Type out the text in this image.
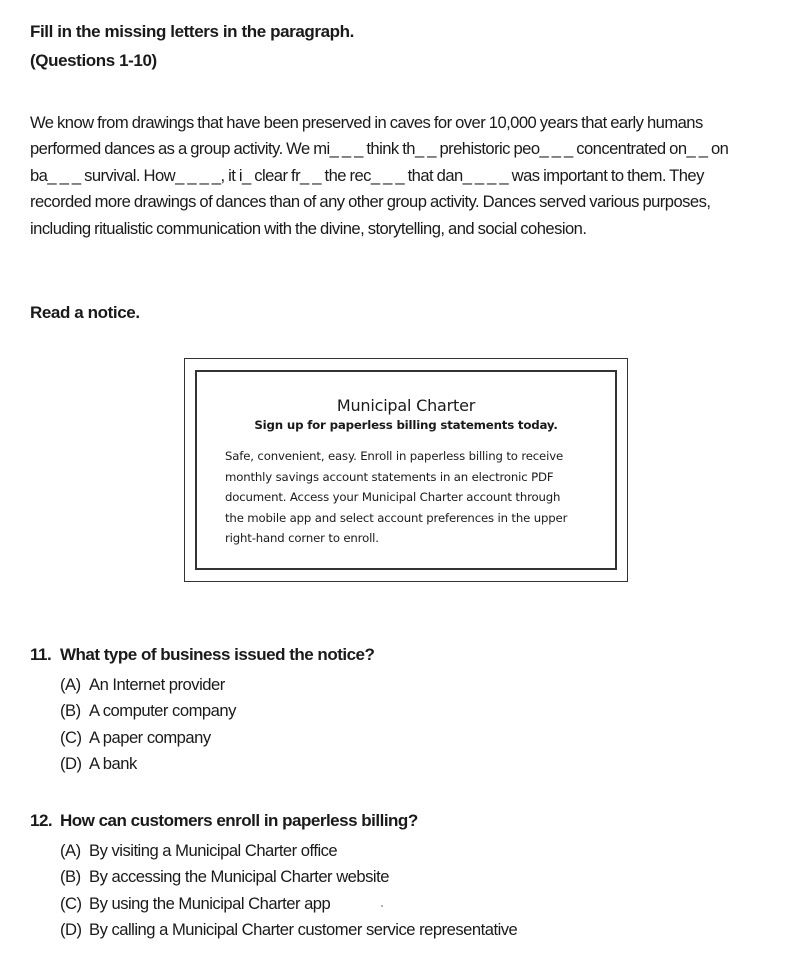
Fill in the missing letters in the paragraph.
(Questions 1-10)
We know from drawings that have been preserved in caves for over 10,000 years that early humans
performed dances as a group activity. We mi_ _ _ think th_ _ prehistoric peo_ _ _ concentrated on_ _ on
ba_ _ _ survival. How_ _ _ _, it i_ clear fr_ _ the rec_ _ _ that dan_ _ _ _ was important to them. They
recorded more drawings of dances than of any other group activity. Dances served various purposes,
including ritualistic communication with the divine, storytelling, and social cohesion.
Read a notice.
Municipal Charter
Sign up for paperless billing statements today.
Safe, convenient, easy. Enroll in paperless billing to receive
monthly savings account statements in an electronic PDF
document. Access your Municipal Charter account through
the mobile app and select account preferences in the upper
right-hand corner to enroll.
11. What type of business issued the notice?
(A) An Internet provider
(B) A computer company
(C) A paper company
(D) A bank
12. How can customers enroll in paperless billing?
(A) By visiting a Municipal Charter office
(B) By accessing the Municipal Charter website
(C) By using the Municipal Charter app
(D) By calling a Municipal Charter customer service representative
